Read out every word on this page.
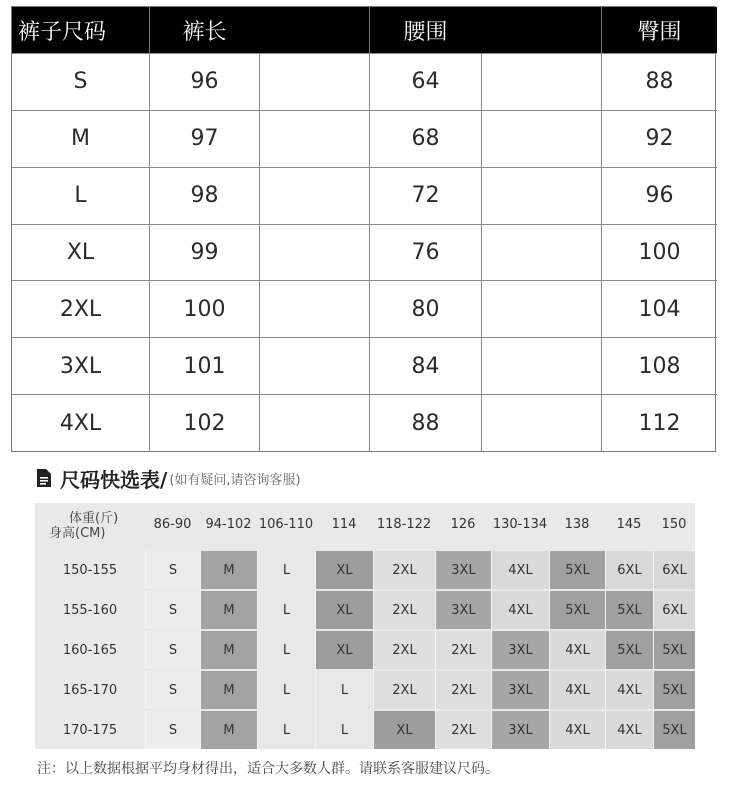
裤子尺码	裤长	腰围	臀围
S	96	64	88
M	97	68	92
L	98	72	96
XL	99	76	100
2XL	100	80	104
3XL	101	84	108
4XL	102	88	112
尺码快选表/ (如有疑问,请咨询客服)
体重(斤)
身高(CM)
86-90	94-102 106-110	114	118-122	126	130-134	138	145	150
150-155	S	M	L	XL	2XL	3XL	4XL	5XL	6XL	6XL
155-160	S	M	L	XL	2XL	3XL	4XL	5XL	5XL	6XL
160-165	S	M	L	XL	2XL	2XL	3XL	4XL	5XL	5XL
165-170	S	M	L	L	2XL	2XL	3XL	4XL	4XL	5XL
170-175	S	M	L	L	XL	2XL	3XL	4XL	4XL	5XL
注：以上数据根据平均身材得出，适合大多数人群。请联系客服建议尺码。
